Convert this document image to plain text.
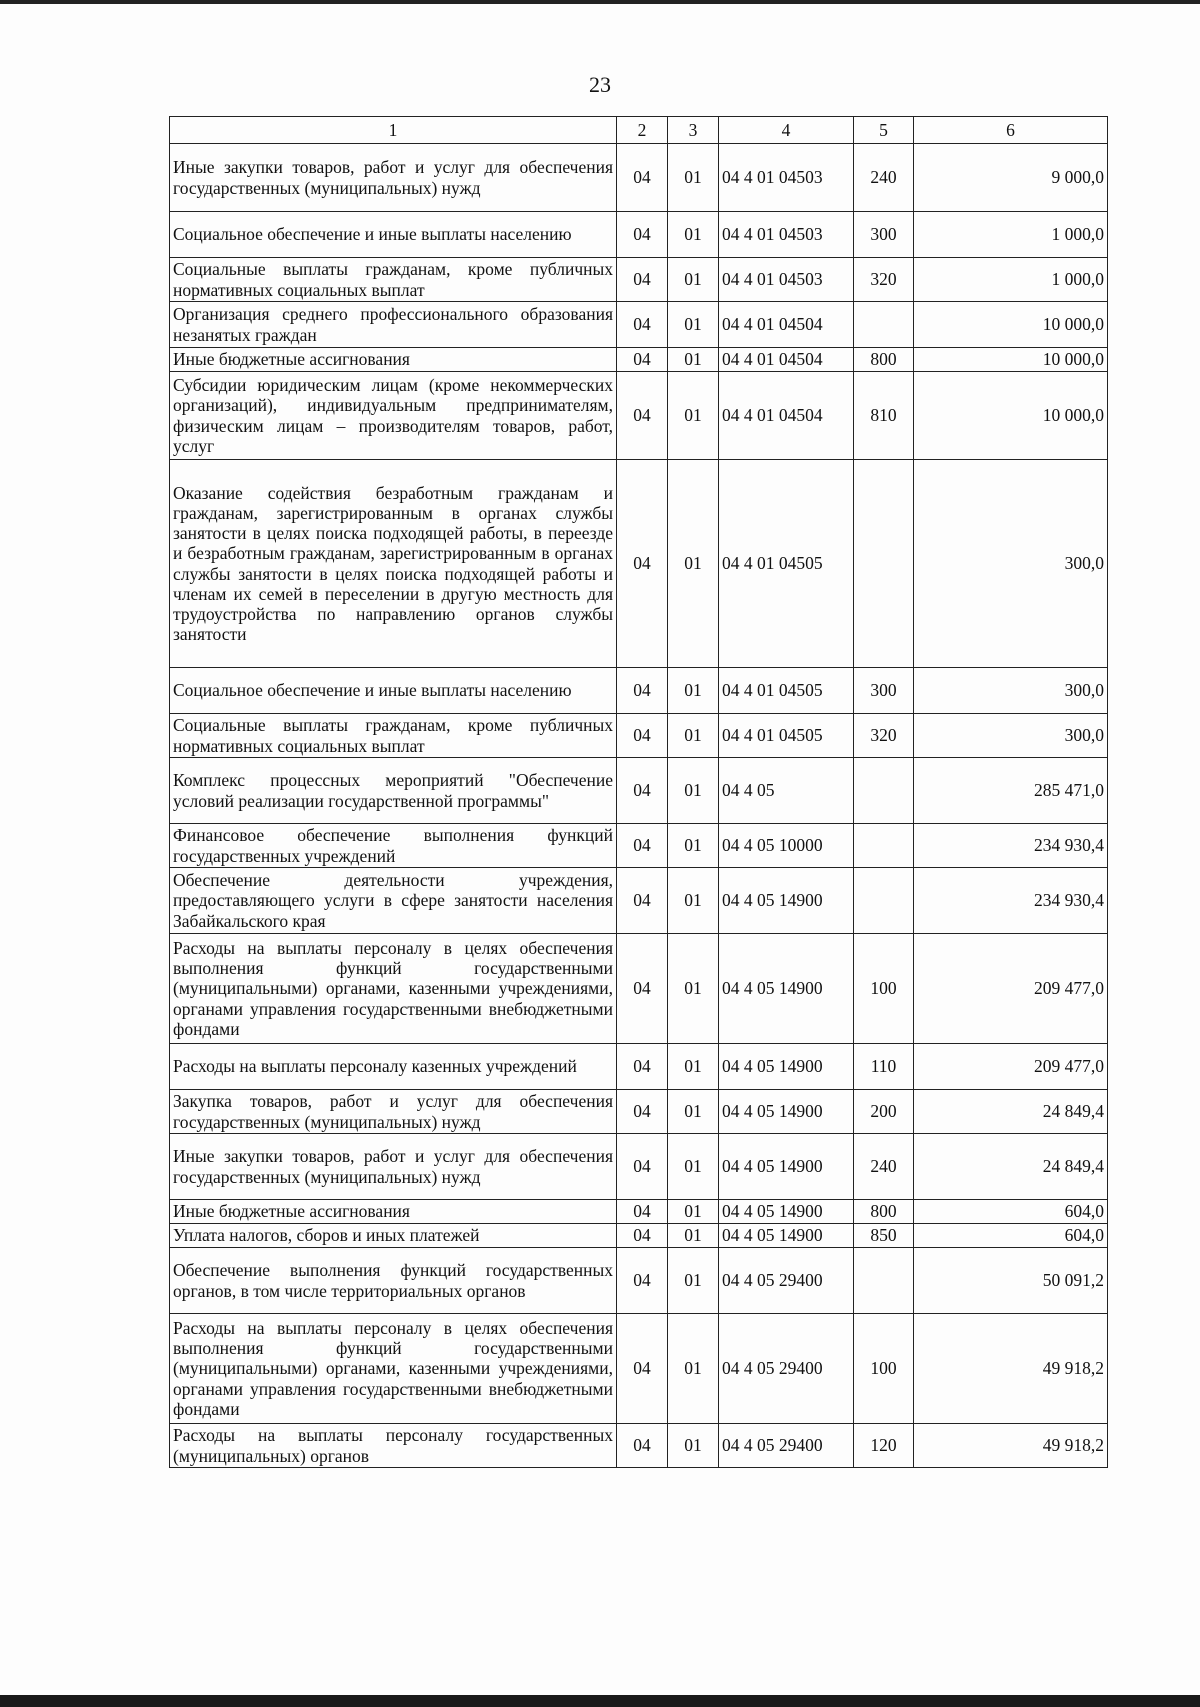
23
1	2	3	4	5	6
Иные закупки товаров, работ и услуг для обеспечения государственных (муниципальных) нужд	04	01	04 4 01 04503	240	9 000,0
Социальное обеспечение и иные выплаты населению	04	01	04 4 01 04503	300	1 000,0
Социальные выплаты гражданам, кроме публичных нормативных социальных выплат	04	01	04 4 01 04503	320	1 000,0
Организация среднего профессионального образования незанятых граждан	04	01	04 4 01 04504		10 000,0
Иные бюджетные ассигнования	04	01	04 4 01 04504	800	10 000,0
Субсидии юридическим лицам (кроме некоммерческих организаций), индивидуальным предпринимателям, физическим лицам – производителям товаров, работ, услуг	04	01	04 4 01 04504	810	10 000,0
Оказание содействия безработным гражданам и гражданам, зарегистрированным в органах службы занятости в целях поиска подходящей работы, в переезде и безработным гражданам, зарегистрированным в органах службы занятости в целях поиска подходящей работы и членам их семей в переселении в другую местность для трудоустройства по направлению органов службы занятости	04	01	04 4 01 04505		300,0
Социальное обеспечение и иные выплаты населению	04	01	04 4 01 04505	300	300,0
Социальные выплаты гражданам, кроме публичных нормативных социальных выплат	04	01	04 4 01 04505	320	300,0
Комплекс процессных мероприятий "Обеспечение условий реализации государственной программы"	04	01	04 4 05		285 471,0
Финансовое обеспечение выполнения функций государственных учреждений	04	01	04 4 05 10000		234 930,4
Обеспечение деятельности учреждения, предоставляющего услуги в сфере занятости населения Забайкальского края	04	01	04 4 05 14900		234 930,4
Расходы на выплаты персоналу в целях обеспечения выполнения функций государственными (муниципальными) органами, казенными учреждениями, органами управления государственными внебюджетными фондами	04	01	04 4 05 14900	100	209 477,0
Расходы на выплаты персоналу казенных учреждений	04	01	04 4 05 14900	110	209 477,0
Закупка товаров, работ и услуг для обеспечения государственных (муниципальных) нужд	04	01	04 4 05 14900	200	24 849,4
Иные закупки товаров, работ и услуг для обеспечения государственных (муниципальных) нужд	04	01	04 4 05 14900	240	24 849,4
Иные бюджетные ассигнования	04	01	04 4 05 14900	800	604,0
Уплата налогов, сборов и иных платежей	04	01	04 4 05 14900	850	604,0
Обеспечение выполнения функций государственных органов, в том числе территориальных органов	04	01	04 4 05 29400		50 091,2
Расходы на выплаты персоналу в целях обеспечения выполнения функций государственными (муниципальными) органами, казенными учреждениями, органами управления государственными внебюджетными фондами	04	01	04 4 05 29400	100	49 918,2
Расходы на выплаты персоналу государственных (муниципальных) органов	04	01	04 4 05 29400	120	49 918,2
